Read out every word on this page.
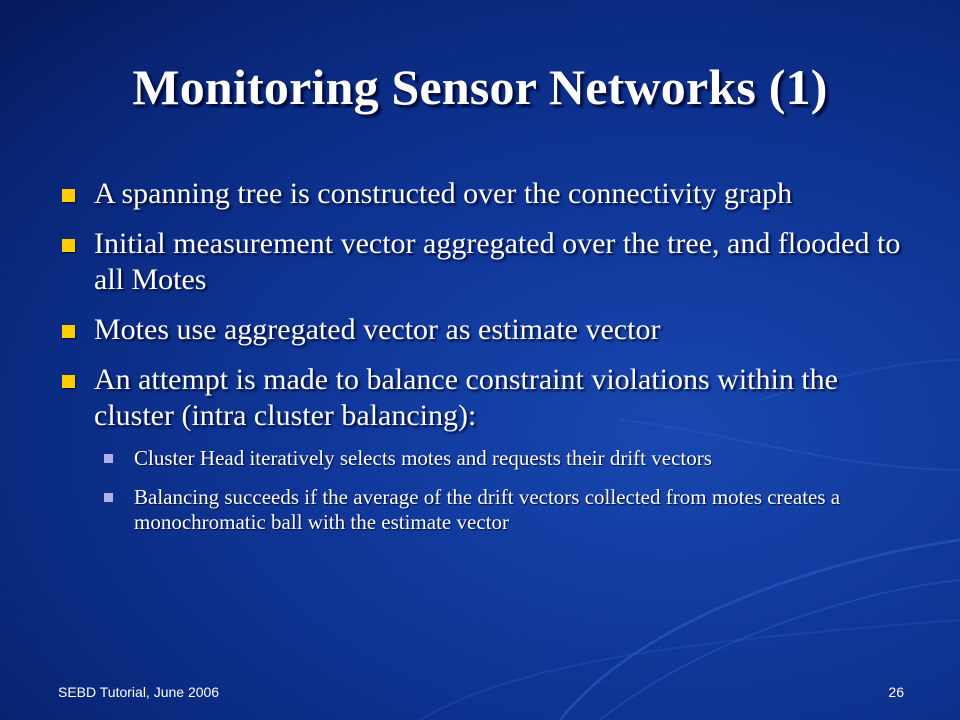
Monitoring Sensor Networks (1)
A spanning tree is constructed over the connectivity graph
Initial measurement vector aggregated over the tree, and flooded to all Motes
Motes use aggregated vector as estimate vector
An attempt is made to balance constraint violations within the cluster (intra cluster balancing):
Cluster Head iteratively selects motes and requests their drift vectors
Balancing succeeds if the average of the drift vectors collected from motes creates a monochromatic ball with the estimate vector
SEBD Tutorial, June 2006	26
